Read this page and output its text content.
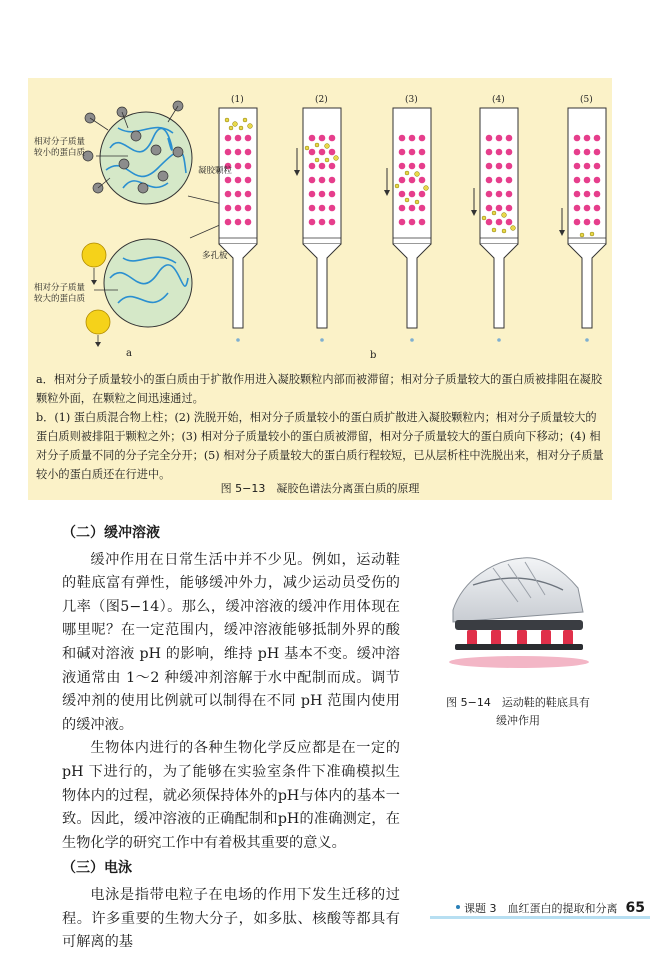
相对分子质量
较小的蛋白质
相对分子质量
较大的蛋白质
凝胶颗粒
多孔板
a	b
(1)	(2)	(3)	(4)	(5)

a．相对分子质量较小的蛋白质由于扩散作用进入凝胶颗粒内部而被滞留；相对分子质量较大的蛋白质被排阻在凝胶颗粒外面，在颗粒之间迅速通过。

b．(1) 蛋白质混合物上柱；(2) 洗脱开始，相对分子质量较小的蛋白质扩散进入凝胶颗粒内；相对分子质量较大的蛋白质则被排阻于颗粒之外；(3) 相对分子质量较小的蛋白质被滞留，相对分子质量较大的蛋白质向下移动；(4) 相对分子质量不同的分子完全分开；(5) 相对分子质量较大的蛋白质行程较短，已从层析柱中洗脱出来，相对分子质量较小的蛋白质还在行进中。

图 5−13　凝胶色谱法分离蛋白质的原理
（二）缓冲溶液

缓冲作用在日常生活中并不少见。例如，运动鞋的鞋底富有弹性，能够缓冲外力，减少运动员受伤的几率（图5−14）。那么，缓冲溶液的缓冲作用体现在哪里呢？在一定范围内，缓冲溶液能够抵制外界的酸和碱对溶液 pH 的影响，维持 pH 基本不变。缓冲溶液通常由 1～2 种缓冲剂溶解于水中配制而成。调节缓冲剂的使用比例就可以制得在不同 pH 范围内使用的缓冲液。

生物体内进行的各种生物化学反应都是在一定的 pH 下进行的，为了能够在实验室条件下准确模拟生物体内的过程，就必须保持体外的pH与体内的基本一致。因此，缓冲溶液的正确配制和pH的准确测定，在生物化学的研究工作中有着极其重要的意义。

（三）电泳

电泳是指带电粒子在电场的作用下发生迁移的过程。许多重要的生物大分子，如多肽、核酸等都具有可解离的基

图 5−14　运动鞋的鞋底具有
缓冲作用
课题 3　血红蛋白的提取和分离 65
